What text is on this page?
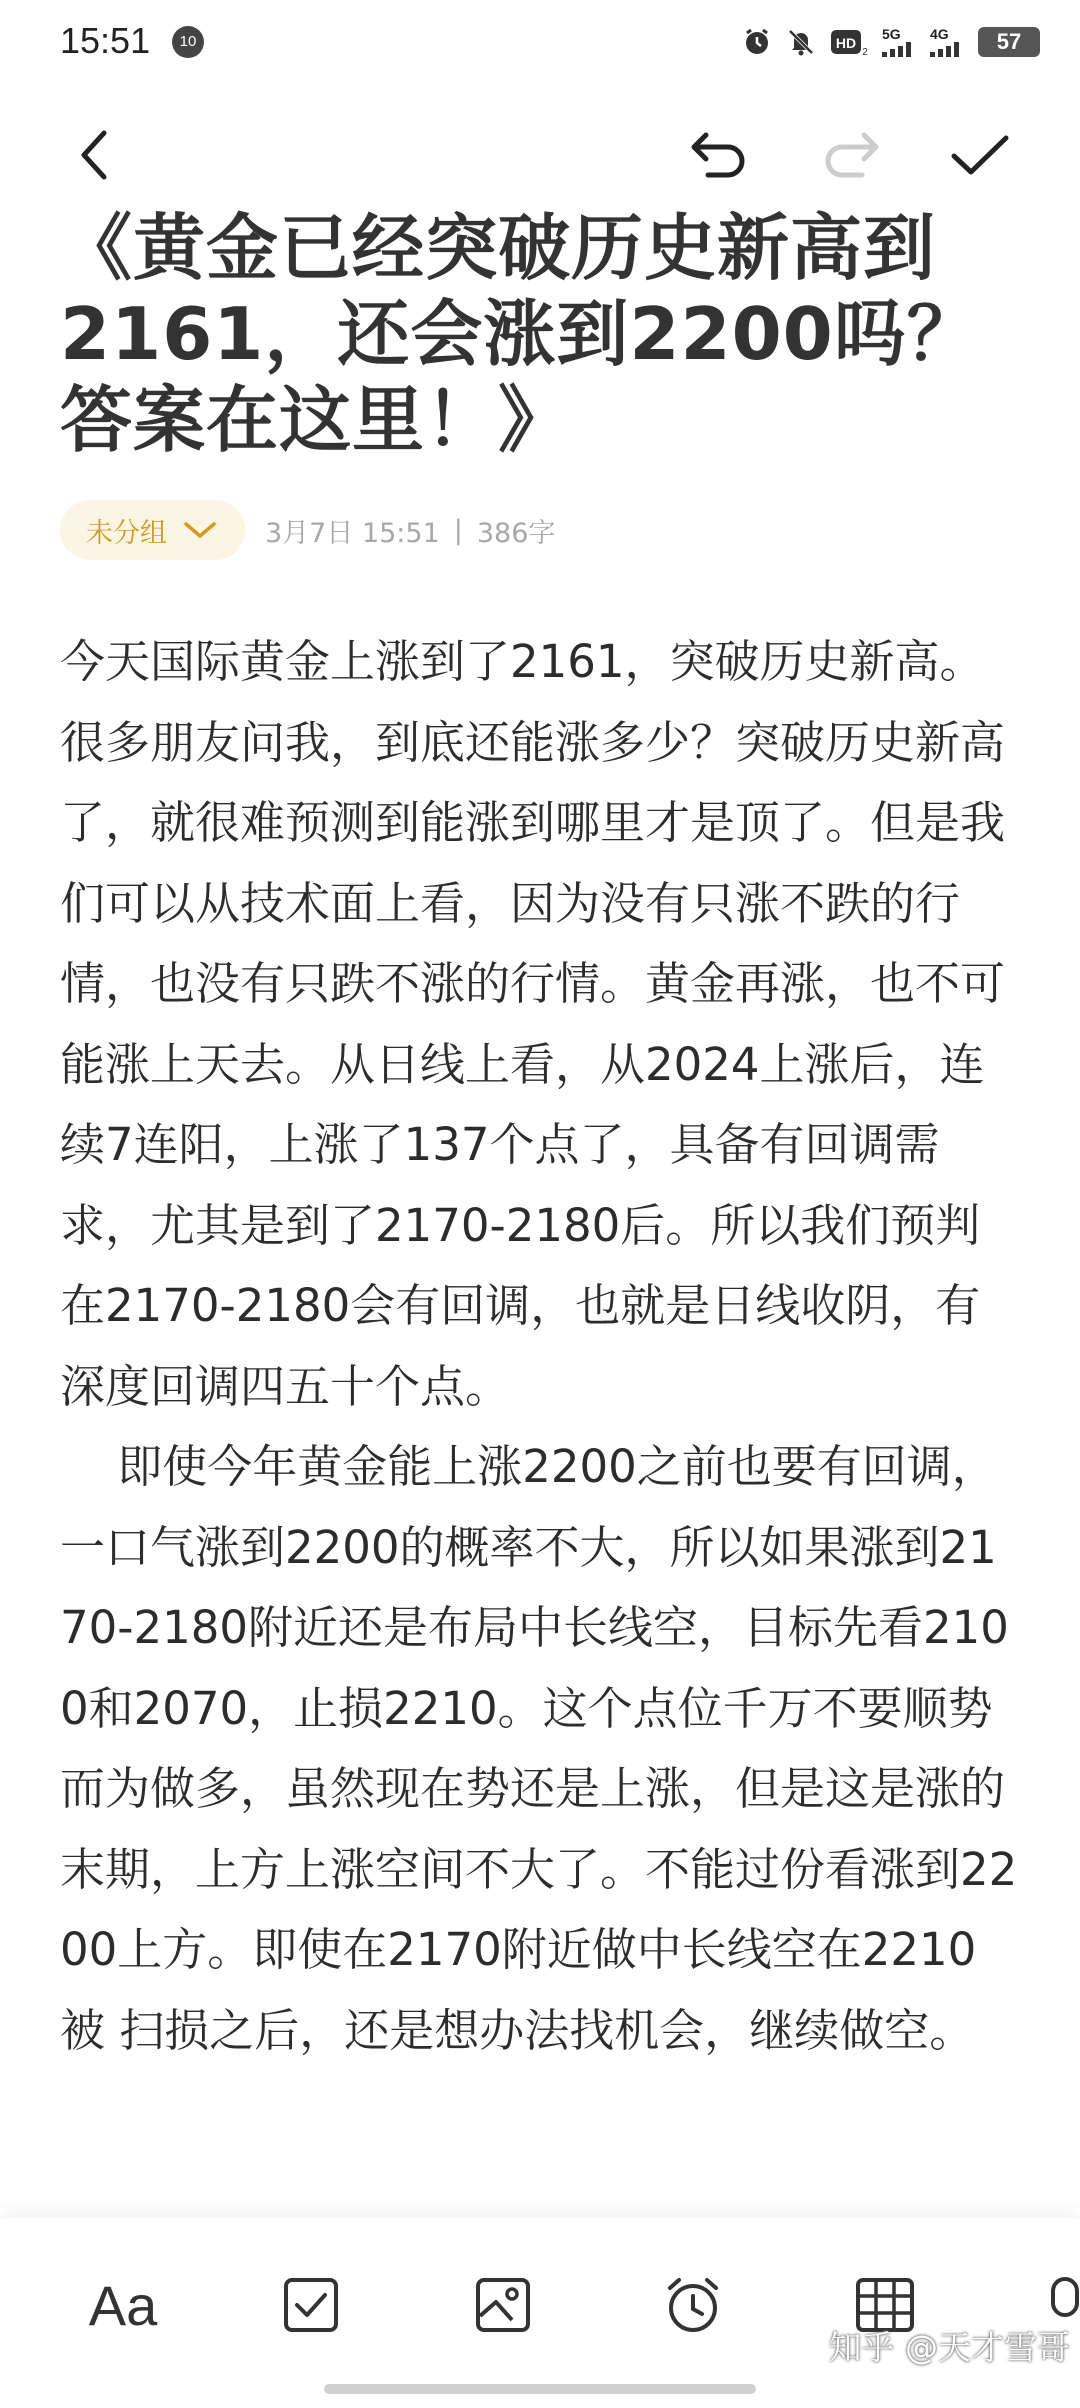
15:51	10	HD
2
5G 4G	57
《黄金已经突破历史新高到2161，还会涨到2200吗？答案在这里！》
未分组	3月7日 15:51 | 386字

今天国际黄金上涨到了2161，突破历史新高。很多朋友问我，到底还能涨多少？突破历史新高了，就很难预测到能涨到哪里才是顶了。但是我们可以从技术面上看，因为没有只涨不跌的行情，也没有只跌不涨的行情。黄金再涨，也不可能涨上天去。从日线上看，从2024上涨后，连续7连阳，上涨了137个点了，具备有回调需求，尤其是到了2170-2180后。所以我们预判在2170-2180会有回调，也就是日线收阴，有深度回调四五十个点。

即使今年黄金能上涨2200之前也要有回调，一口气涨到2200的概率不大，所以如果涨到2170-2180附近还是布局中长线空，目标先看2100和2070，止损2210。这个点位千万不要顺势而为做多，虽然现在势还是上涨，但是这是涨的末期，上方上涨空间不大了。不能过份看涨到2200上方。即使在2170附近做中长线空在2210被 扫损之后，还是想办法找机会，继续做空。

Aa
知乎 @天才雪哥
